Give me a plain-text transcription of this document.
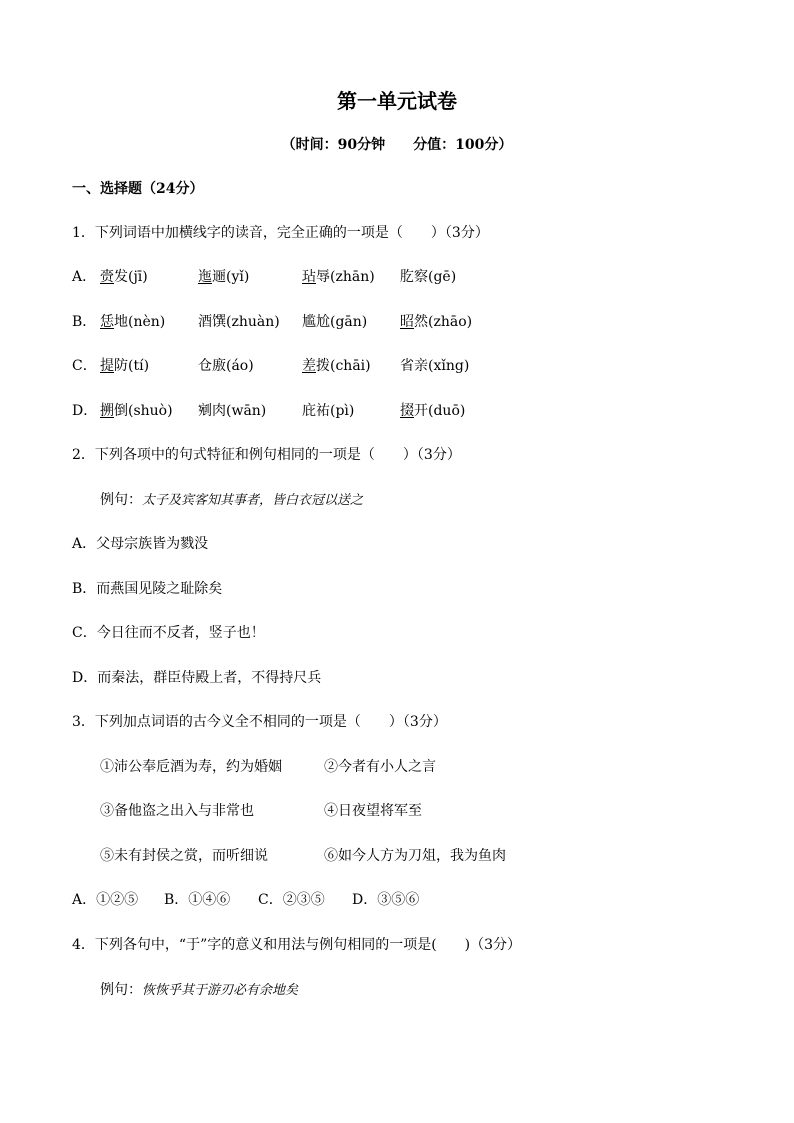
第一单元试卷
（时间：90分钟　　分值：100分）
一、选择题（24分）
1．下列词语中加横线字的读音，完全正确的一项是（　　）（3分）
A． 赍发(jī)	迤逦(yǐ)	玷辱(zhān) 肐察(gē)
B． 恁地(nèn) 酒馔(zhuàn) 尴尬(gān) 昭然(zhāo)
C． 提防(tí)	仓廒(áo)	差拨(chāi) 省亲(xǐng)
D． 搠倒(shuò) 剜肉(wān)	庇祐(pì)	掇开(duō)
2．下列各项中的句式特征和例句相同的一项是（　　）（3分）
例句：太子及宾客知其事者，皆白衣冠以送之
A．父母宗族皆为戮没
B．而燕国见陵之耻除矣
C．今日往而不反者，竖子也！
D．而秦法，群臣侍殿上者，不得持尺兵
3．下列加点词语的古今义全不相同的一项是（　　）（3分）
①沛公奉卮酒为寿，约为婚姻	②今者有小人之言
③备他盗之出入与非常也	④日夜望将军至
⑤未有封侯之赏，而听细说	⑥如今人方为刀俎，我为鱼肉
A．①②⑤ B．①④⑥ C．②③⑤ D．③⑤⑥
4．下列各句中，“于”字的意义和用法与例句相同的一项是(　　)（3分）
例句：恢恢乎其于游刃必有余地矣
